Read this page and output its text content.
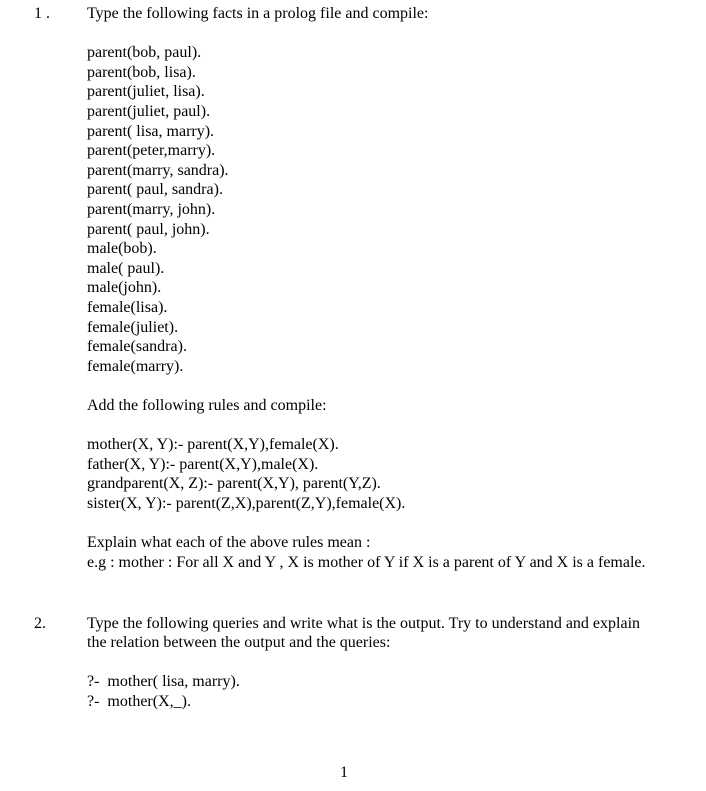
1 . Type the following facts in a prolog file and compile:
parent(bob, paul).
parent(bob, lisa).
parent(juliet, lisa).
parent(juliet, paul).
parent( lisa, marry).
parent(peter,marry).
parent(marry, sandra).
parent( paul, sandra).
parent(marry, john).
parent( paul, john).
male(bob).
male( paul).
male(john).
female(lisa).
female(juliet).
female(sandra).
female(marry).
Add the following rules and compile:
mother(X, Y):- parent(X,Y),female(X).
father(X, Y):- parent(X,Y),male(X).
grandparent(X, Z):- parent(X,Y), parent(Y,Z).
sister(X, Y):- parent(Z,X),parent(Z,Y),female(X).
Explain what each of the above rules mean :
e.g : mother : For all X and Y , X is mother of Y if X is a parent of Y and X is a female.
2.	Type the following queries and write what is the output. Try to understand and explain the relation between the output and the queries:
?-  mother( lisa, marry).
?-  mother(X,_).
1
